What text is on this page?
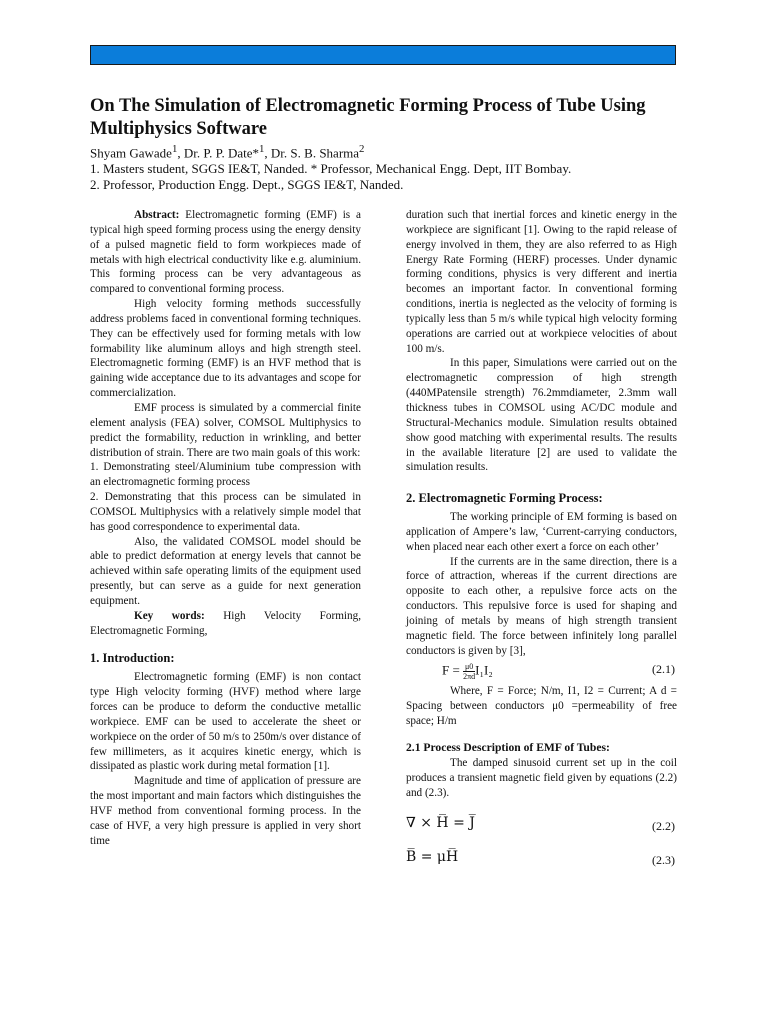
On The Simulation of Electromagnetic Forming Process of Tube Using Multiphysics Software
Shyam Gawade$^1$, Dr. P. P. Date*$^1$, Dr. S. B. Sharma$^2$
1. Masters student, SGGS IE&T, Nanded. * Professor, Mechanical Engg. Dept, IIT Bombay.
2. Professor, Production Engg. Dept., SGGS IE&T, Nanded.

Abstract: Electromagnetic forming (EMF) is a typical high speed forming process using the energy density of a pulsed magnetic field to form workpieces made of metals with high electrical conductivity like e.g. aluminium. This forming process can be very advantageous as compared to conventional forming process.

High velocity forming methods successfully address problems faced in conventional forming techniques. They can be effectively used for forming metals with low formability like aluminum alloys and high strength steel. Electromagnetic forming (EMF) is an HVF method that is gaining wide acceptance due to its advantages and scope for commercialization.

EMF process is simulated by a commercial finite element analysis (FEA) solver, COMSOL Multiphysics to predict the formability, reduction in wrinkling, and better distribution of strain. There are two main goals of this work:

1. Demonstrating steel/Aluminium tube compression with an electromagnetic forming process

2. Demonstrating that this process can be simulated in COMSOL Multiphysics with a relatively simple model that has good correspondence to experimental data.

Also, the validated COMSOL model should be able to predict deformation at energy levels that cannot be achieved within safe operating limits of the equipment used presently, but can serve as a guide for next generation equipment.

Key words: High Velocity Forming, Electromagnetic Forming,

1. Introduction:

Electromagnetic forming (EMF) is non contact type High velocity forming (HVF) method where large forces can be produce to deform the conductive metallic workpiece. EMF can be used to accelerate the sheet or workpiece on the order of 50 m/s to 250m/s over distance of few millimeters, as it acquires kinetic energy, which is dissipated as plastic work during metal formation [1].

Magnitude and time of application of pressure are the most important and main factors which distinguishes the HVF method from conventional forming process. In the case of HVF, a very high pressure is applied in very short time

duration such that inertial forces and kinetic energy in the workpiece are significant [1]. Owing to the rapid release of energy involved in them, they are also referred to as High Energy Rate Forming (HERF) processes. Under dynamic forming conditions, physics is very different and inertia becomes an important factor. In conventional forming conditions, inertia is neglected as the velocity of forming is typically less than 5 m/s while typical high velocity forming operations are carried out at workpiece velocities of about 100 m/s.

In this paper, Simulations were carried out on the electromagnetic compression of high strength (440MPatensile strength) 76.2mmdiameter, 2.3mm wall thickness tubes in COMSOL using AC/DC module and Structural-Mechanics module. Simulation results obtained show good matching with experimental results. The results in the available literature [2] are used to validate the simulation results.

2. Electromagnetic Forming Process:

The working principle of EM forming is based on application of Ampere’s law, ‘Current-carrying conductors, when placed near each other exert a force on each other’

If the currents are in the same direction, there is a force of attraction, whereas if the current directions are opposite to each other, a repulsive force acts on the conductors. This repulsive force is used for shaping and joining of metals by means of high strength transient magnetic field. The force between infinitely long parallel conductors is given by [3],

$F = \frac{\mu 0}{2\pi d} I_1I_2$	(2.1)

Where, F = Force; N/m, I1, I2 = Current; A d = Spacing between conductors μ0 =permeability of free space; H/m

2.1 Process Description of EMF of Tubes:

The damped sinusoid current set up in the coil produces a transient magnetic field given by equations (2.2) and (2.3).

∇ × H̅ = J̅	(2.2)
B̅ = μH̅	(2.3)
